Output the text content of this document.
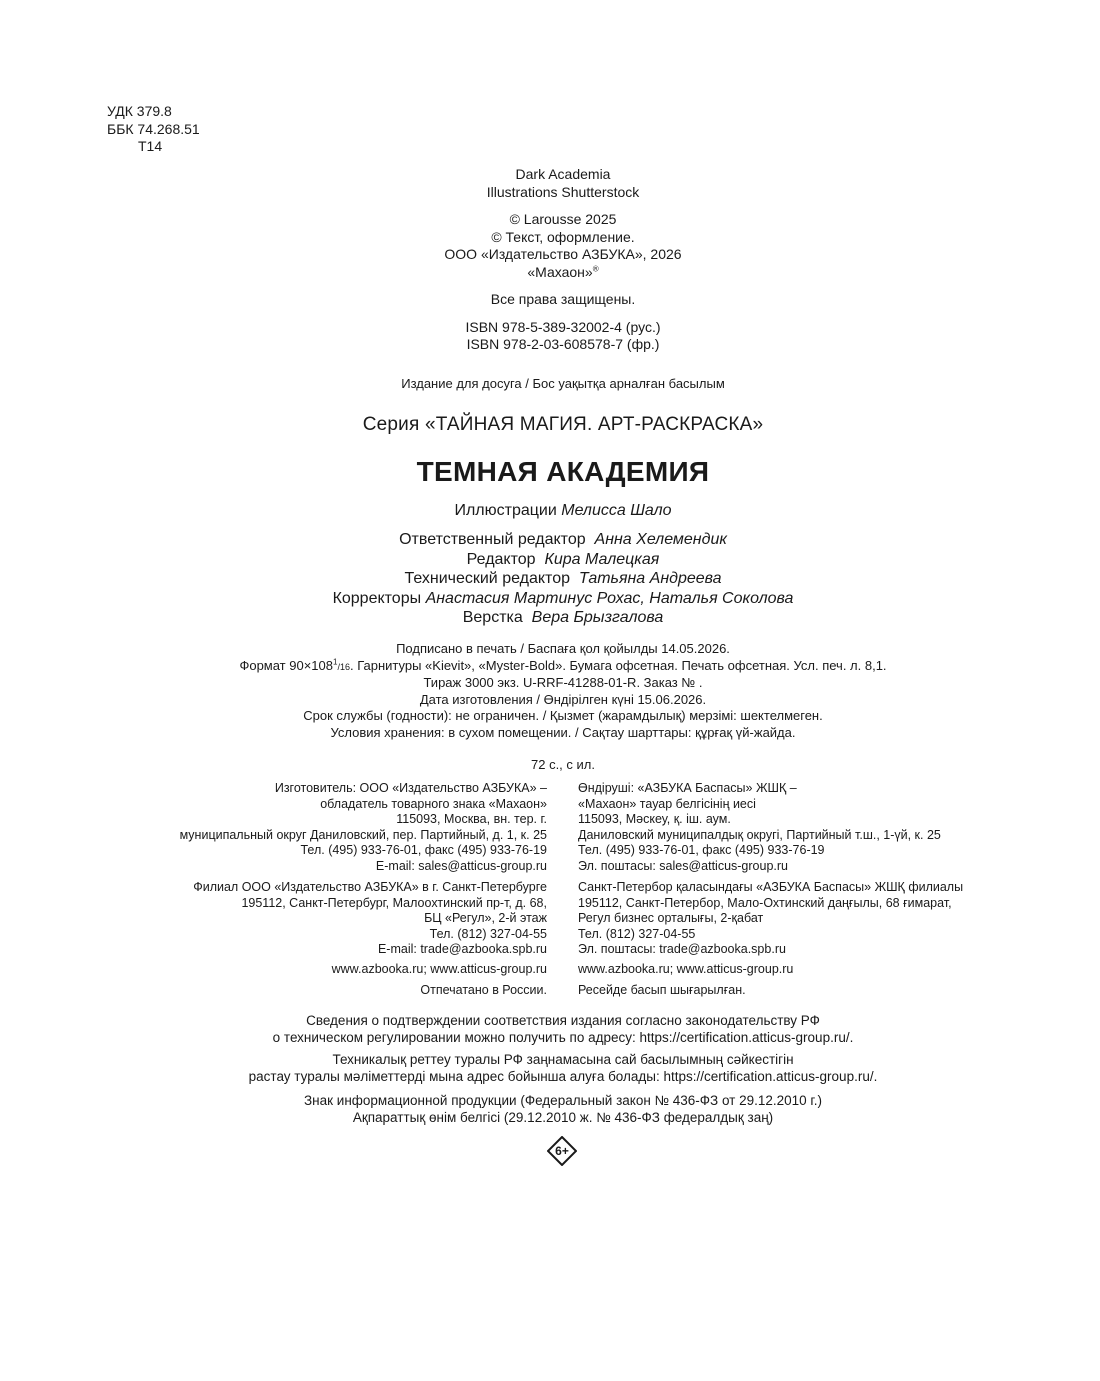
УДК 379.8
ББК 74.268.51
Т14

Dark Academia

Illustrations Shutterstock

© Larousse 2025

© Текст, оформление.

ООО «Издательство АЗБУКА», 2026

«Махаон»®

Все права защищены.

ISBN 978-5-389-32002-4 (рус.)

ISBN 978-2-03-608578-7 (фр.)

Издание для досуга / Бос уақытқа арналған басылым
Серия «ТАЙНАЯ МАГИЯ. АРТ-РАСКРАСКА»
ТЕМНАЯ АКАДЕМИЯ
Иллюстрации Мелисса Шало
Ответственный редактор Анна Хелемендик
Редактор Кира Малецкая
Технический редактор Татьяна Андреева
Корректоры Анастасия Мартинус Рохас, Наталья Соколова
Верстка Вера Брызгалова

Подписано в печать / Баспаға қол қойылды 14.05.2026.

Формат $90\times 108^1/16$. Гарнитуры «Kievit», «Myster-Bold». Бумага офсетная. Печать офсетная. Усл. печ. л. 8,1.

Тираж 3000 экз. U-RRF-41288-01-R. Заказ № .

Дата изготовления / Өндірілген күні 15.06.2026.

Срок службы (годности): не ограничен. / Қызмет (жарамдылық) мерзімі: шектелмеген.

Условия хранения: в сухом помещении. / Сақтау шарттары: құрғақ үй-жайда.

72 с., с ил.

Изготовитель: ООО «Издательство АЗБУКА» –

обладатель товарного знака «Махаон»

115093, Москва, вн. тер. г.

муниципальный округ Даниловский, пер. Партийный, д. 1, к. 25

Тел. (495) 933-76-01, факс (495) 933-76-19

E-mail: sales@atticus-group.ru

Өндіруші: «АЗБУКА Баспасы» ЖШҚ –

«Махаон» тауар белгісінің иесі

115093, Мәскеу, қ. іш. аум.

Даниловский муниципалдық округі, Партийный т.ш., 1-үй, к. 25

Тел. (495) 933-76-01, факс (495) 933-76-19

Эл. поштасы: sales@atticus-group.ru

Филиал ООО «Издательство АЗБУКА» в г. Санкт-Петербурге

195112, Санкт-Петербург, Малоохтинский пр-т, д. 68,

БЦ «Регул», 2-й этаж

Тел. (812) 327-04-55

E-mail: trade@azbooka.spb.ru

Санкт-Петербор қаласындағы «АЗБУКА Баспасы» ЖШҚ филиалы

195112, Санкт-Петербор, Мало-Охтинский даңғылы, 68 ғимарат,

Регул бизнес орталығы, 2-қабат

Тел. (812) 327-04-55

Эл. поштасы: trade@azbooka.spb.ru

www.azbooka.ru; www.atticus-group.ru www.azbooka.ru; www.atticus-group.ru

Отпечатано в России. Ресейде басып шығарылған.

Сведения о подтверждении соответствия издания согласно законодательству РФ

о техническом регулировании можно получить по адресу: https://certification.atticus-group.ru/.

Техникалық реттеу туралы РФ заңнамасына сай басылымның сәйкестігін

растау туралы мәліметтерді мына адрес бойынша алуға болады: https://certification.atticus-group.ru/.

Знак информационной продукции (Федеральный закон № 436-ФЗ от 29.12.2010 г.)

Ақпараттық өнім белгісі (29.12.2010 ж. № 436-ФЗ федералдық заң)

6+
